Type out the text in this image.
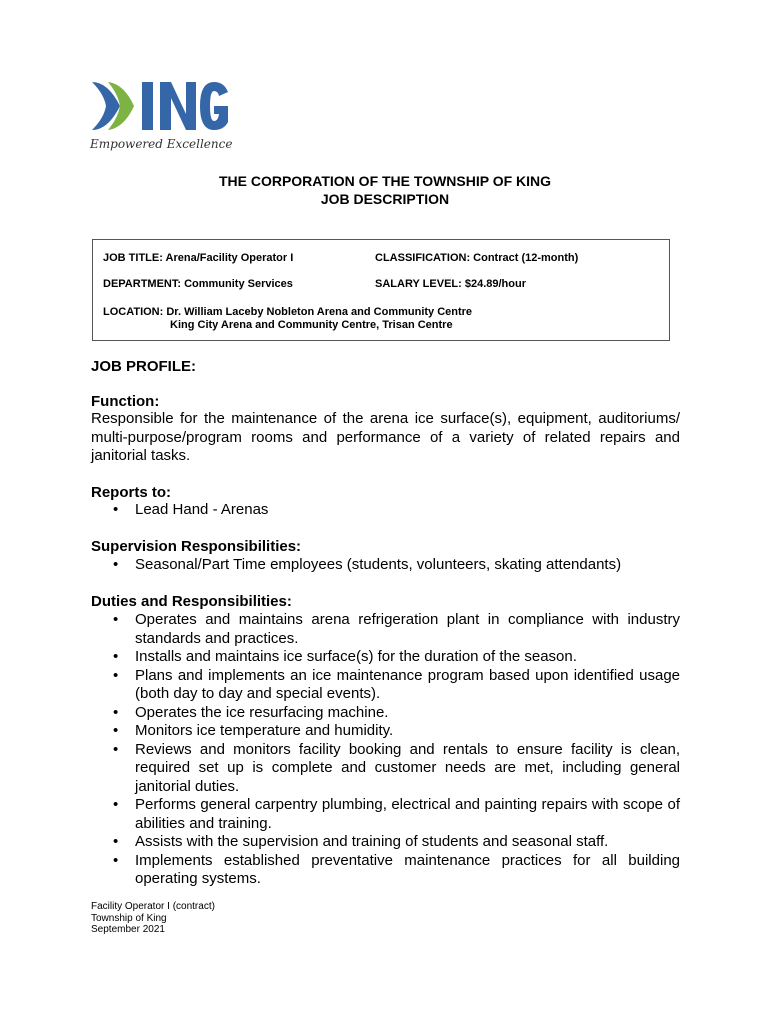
Empowered Excellence
THE CORPORATION OF THE TOWNSHIP OF KING
JOB DESCRIPTION
JOB TITLE: Arena/Facility Operator I	CLASSIFICATION: Contract (12-month)
DEPARTMENT: Community Services	SALARY LEVEL: $24.89/hour
LOCATION: Dr. William Laceby Nobleton Arena and Community Centre
King City Arena and Community Centre, Trisan Centre
JOB PROFILE:
Function:
Responsible for the maintenance of the arena ice surface(s), equipment, auditoriums/ multi-purpose/program rooms and performance of a variety of related repairs and janitorial tasks.
Reports to:
• Lead Hand - Arenas
Supervision Responsibilities:
• Seasonal/Part Time employees (students, volunteers, skating attendants)
Duties and Responsibilities:
• Operates and maintains arena refrigeration plant in compliance with industry standards and practices.
• Installs and maintains ice surface(s) for the duration of the season.
• Plans and implements an ice maintenance program based upon identified usage (both day to day and special events).
• Operates the ice resurfacing machine.
• Monitors ice temperature and humidity.
• Reviews and monitors facility booking and rentals to ensure facility is clean, required set up is complete and customer needs are met, including general janitorial duties.
• Performs general carpentry plumbing, electrical and painting repairs with scope of abilities and training.
• Assists with the supervision and training of students and seasonal staff.
• Implements established preventative maintenance practices for all building operating systems.
Facility Operator I (contract)
Township of King
September 2021
